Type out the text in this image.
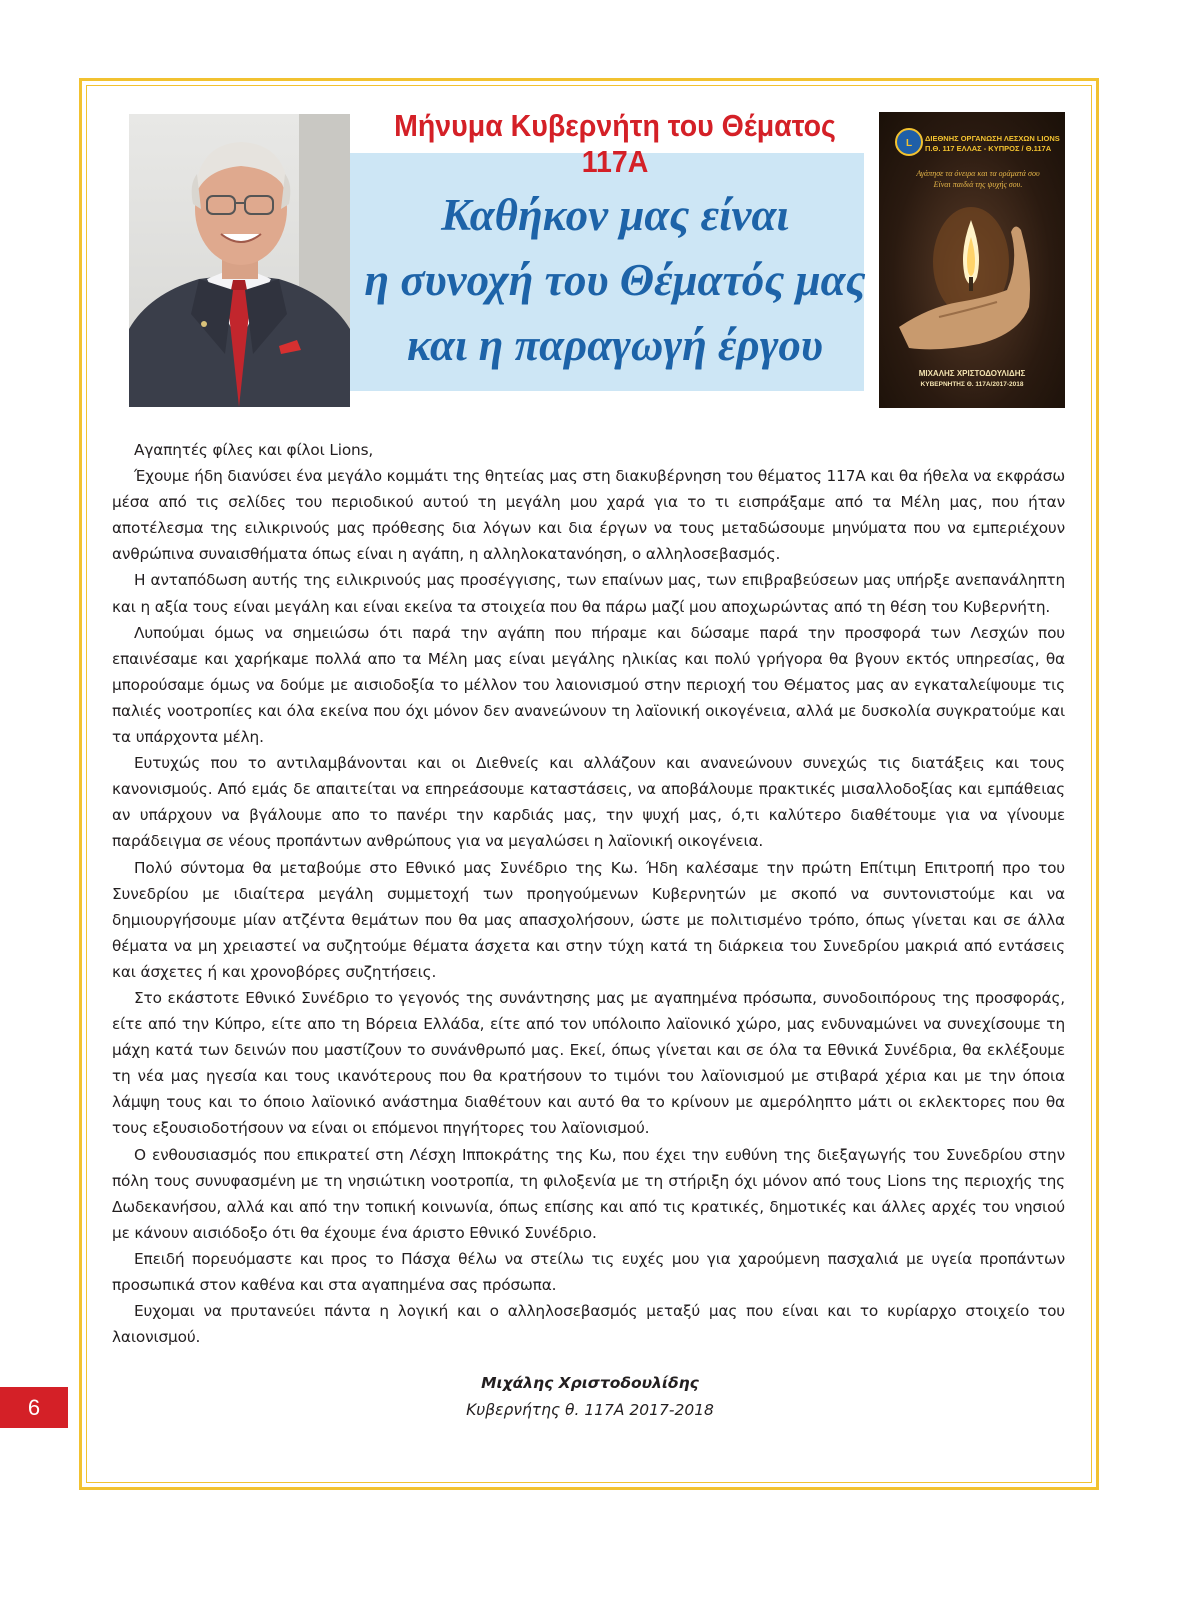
Μήνυμα Κυβερνήτη του Θέματος 117Α
Καθήκον μας είναι
η συνοχή του Θέματός μας
και η παραγωγή έργου
L ΔΙΕΘΝΗΣ ΟΡΓΑΝΩΣΗ ΛΕΣΧΩΝ LIONS
Π.Θ. 117 ΕΛΛΑΣ - ΚΥΠΡΟΣ / Θ.117Α
Αγάπησε τα όνειρα και τα οράματά σου
Είναι παιδιά της ψυχής σου.
ΜΙΧΑΛΗΣ ΧΡΙΣΤΟΔΟΥΛΙΔΗΣ
ΚΥΒΕΡΝΗΤΗΣ Θ. 117Α/2017-2018

Αγαπητές φίλες και φίλοι Lions,

Έχουμε ήδη διανύσει ένα μεγάλο κομμάτι της θητείας μας στη διακυβέρνηση του θέματος 117Α και θα ήθελα να εκφράσω μέσα από τις σελίδες του περιοδικού αυτού τη μεγάλη μου χαρά για το τι εισπράξαμε από τα Μέλη μας, που ήταν αποτέλεσμα της ειλικρινούς μας πρόθεσης δια λόγων και δια έργων να τους μεταδώσουμε μηνύματα που να εμπεριέχουν ανθρώπινα συναισθήματα όπως είναι η αγάπη, η αλληλοκατανόηση, ο αλληλοσεβασμός.

Η ανταπόδωση αυτής της ειλικρινούς μας προσέγγισης, των επαίνων μας, των επιβραβεύσεων μας υπήρξε ανεπανάληπτη και η αξία τους είναι μεγάλη και είναι εκείνα τα στοιχεία που θα πάρω μαζί μου αποχωρώντας από τη θέση του Κυβερνήτη.

Λυπούμαι όμως να σημειώσω ότι παρά την αγάπη που πήραμε και δώσαμε παρά την προσφορά των Λεσχών που επαινέσαμε και χαρήκαμε πολλά απο τα Μέλη μας είναι μεγάλης ηλικίας και πολύ γρήγορα θα βγουν εκτός υπηρεσίας, θα μπορούσαμε όμως να δούμε με αισιοδοξία το μέλλον του λαιονισμού στην περιοχή του Θέματος μας αν εγκαταλείψουμε τις παλιές νοοτροπίες και όλα εκείνα που όχι μόνον δεν ανανεώνουν τη λαϊονική οικογένεια, αλλά με δυσκολία συγκρατούμε και τα υπάρχοντα μέλη.

Ευτυχώς που το αντιλαμβάνονται και οι Διεθνείς και αλλάζουν και ανανεώνουν συνεχώς τις διατάξεις και τους κανονισμούς. Από εμάς δε απαιτείται να επηρεάσουμε καταστάσεις, να αποβάλουμε πρακτικές μισαλλοδοξίας και εμπάθειας αν υπάρχουν να βγάλουμε απο το πανέρι την καρδιάς μας, την ψυχή μας, ό,τι καλύτερο διαθέτουμε για να γίνουμε παράδειγμα σε νέους προπάντων ανθρώπους για να μεγαλώσει η λαϊονική οικογένεια.

Πολύ σύντομα θα μεταβούμε στο Εθνικό μας Συνέδριο της Κω. Ήδη καλέσαμε την πρώτη Επίτιμη Επιτροπή προ του Συνεδρίου με ιδιαίτερα μεγάλη συμμετοχή των προηγούμενων Κυβερνητών με σκοπό να συντονιστούμε και να δημιουργήσουμε μίαν ατζέντα θεμάτων που θα μας απασχολήσουν, ώστε με πολιτισμένο τρόπο, όπως γίνεται και σε άλλα θέματα να μη χρειαστεί να συζητούμε θέματα άσχετα και στην τύχη κατά τη διάρκεια του Συνεδρίου μακριά από εντάσεις και άσχετες ή και χρονοβόρες συζητήσεις.

Στο εκάστοτε Εθνικό Συνέδριο το γεγονός της συνάντησης μας με αγαπημένα πρόσωπα, συνοδοιπόρους της προσφοράς, είτε από την Κύπρο, είτε απο τη Βόρεια Ελλάδα, είτε από τον υπόλοιπο λαϊονικό χώρο, μας ενδυναμώνει να συνεχίσουμε τη μάχη κατά των δεινών που μαστίζουν το συνάνθρωπό μας. Εκεί, όπως γίνεται και σε όλα τα Εθνικά Συνέδρια, θα εκλέξουμε τη νέα μας ηγεσία και τους ικανότερους που θα κρατήσουν το τιμόνι του λαϊονισμού με στιβαρά χέρια και με την όποια λάμψη τους και το όποιο λαϊονικό ανάστημα διαθέτουν και αυτό θα το κρίνουν με αμερόληπτο μάτι οι εκλεκτορες που θα τους εξουσιοδοτήσουν να είναι οι επόμενοι πηγήτορες του λαϊονισμού.

Ο ενθουσιασμός που επικρατεί στη Λέσχη Ιπποκράτης της Κω, που έχει την ευθύνη της διεξαγωγής του Συνεδρίου στην πόλη τους συνυφασμένη με τη νησιώτικη νοοτροπία, τη φιλοξενία με τη στήριξη όχι μόνον από τους Lions της περιοχής της Δωδεκανήσου, αλλά και από την τοπική κοινωνία, όπως επίσης και από τις κρατικές, δημοτικές και άλλες αρχές του νησιού με κάνουν αισιόδοξο ότι θα έχουμε ένα άριστο Εθνικό Συνέδριο.

Επειδή πορευόμαστε και προς το Πάσχα θέλω να στείλω τις ευχές μου για χαρούμενη πασχαλιά με υγεία προπάντων προσωπικά στον καθένα και στα αγαπημένα σας πρόσωπα.

Ευχομαι να πρυτανεύει πάντα η λογική και ο αλληλοσεβασμός μεταξύ μας που είναι και το κυρίαρχο στοιχείο του λαιονισμού.

Μιχάλης Χριστοδουλίδης
Κυβερνήτης θ. 117Α 2017-2018
6
